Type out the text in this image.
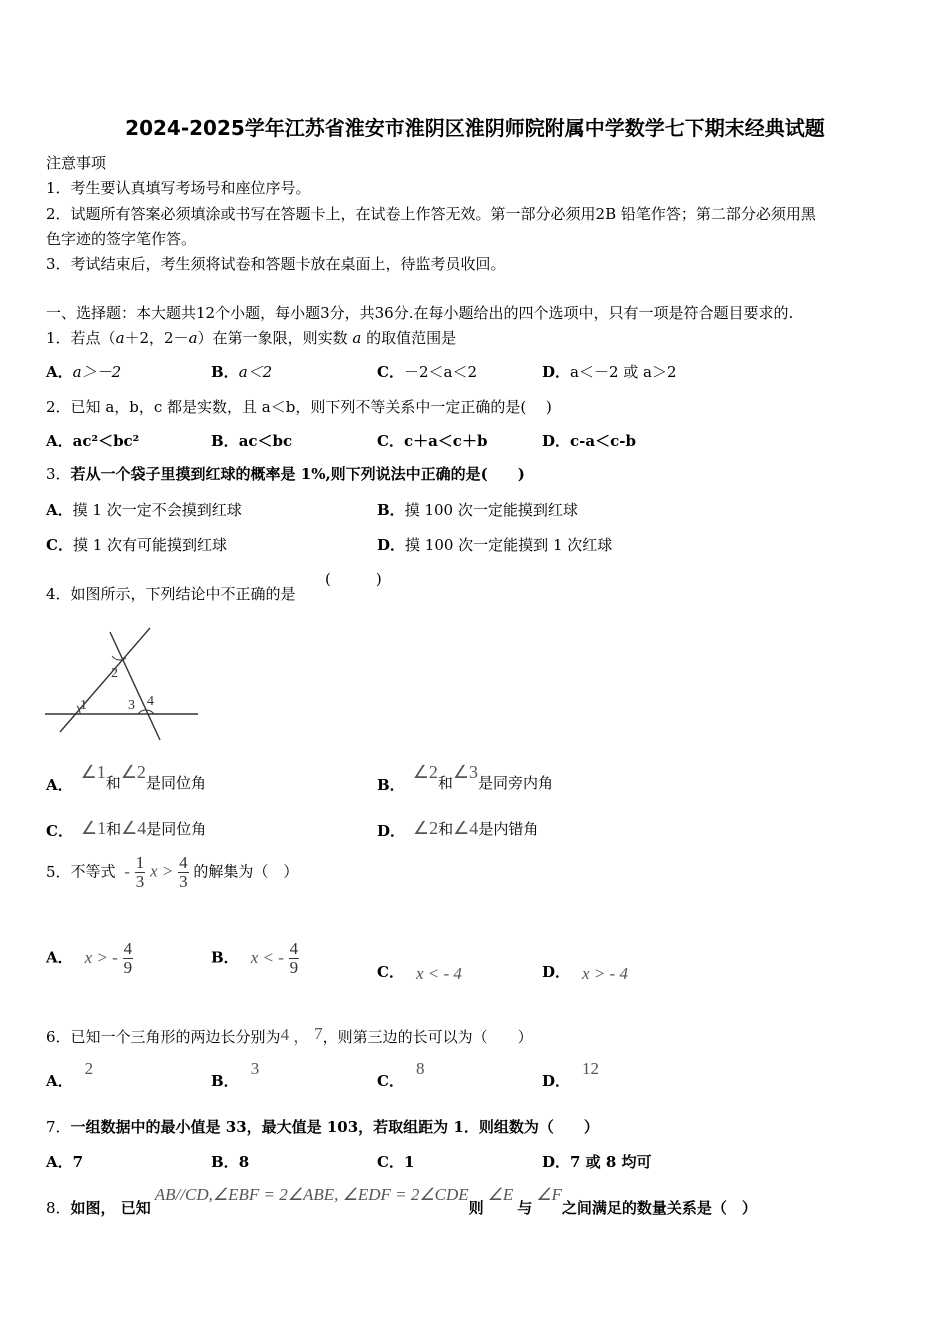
2024-2025学年江苏省淮安市淮阴区淮阴师院附属中学数学七下期末经典试题
注意事项
1．考生要认真填写考场号和座位序号。
2．试题所有答案必须填涂或书写在答题卡上，在试卷上作答无效。第一部分必须用2B 铅笔作答；第二部分必须用黑
色字迹的签字笔作答。
3．考试结束后，考生须将试卷和答题卡放在桌面上，待监考员收回。
一、选择题：本大题共12个小题，每小题3分，共36分.在每小题给出的四个选项中，只有一项是符合题目要求的.
1．若点（a＋2，2－a）在第一象限，则实数 a 的取值范围是
A．a＞－2	B．a＜2	C．－2＜a＜2	D．a＜－2 或 a＞2
2．已知 a，b，c 都是实数，且 a＜b，则下列不等关系中一定正确的是(　 )
A．ac²＜bc²	B．ac＜bc	C．c＋a＜c＋b	D．c-a＜c-b
3．若从一个袋子里摸到红球的概率是 1%,则下列说法中正确的是(　　)
A．摸 1 次一定不会摸到红球	B．摸 100 次一定能摸到红球
C．摸 1 次有可能摸到红球	D．摸 100 次一定能摸到 1 次红球
4．如图所示，下列结论中不正确的是
(　　　)
1
2
3 4
A．∠1和∠2是同位角	B．∠2和∠3是同旁内角
C． ∠1和∠4是同位角	D． ∠2和∠4是内错角
5．不等式 - $\frac{1}{3}$ $x > \frac{4}{3}$ 的解集为（　）
A． x > - $\frac{4}{9}$	B． x < - $\frac{4}{9}$	C． x < - 4	D． x > - 4
6．已知一个三角形的两边长分别为4 ， 7，则第三边的长可以为（　　）
A．2
B．3
C．8
D．12
7．一组数据中的最小值是 33，最大值是 103，若取组距为 1．则组数为（　　）
A．7	B．8	C．1	D．7 或 8 均可
8．如图， 已知AB//CD,∠EBF = 2∠ABE, ∠EDF = 2∠CDE则∠E与∠F之间满足的数量关系是（　）
